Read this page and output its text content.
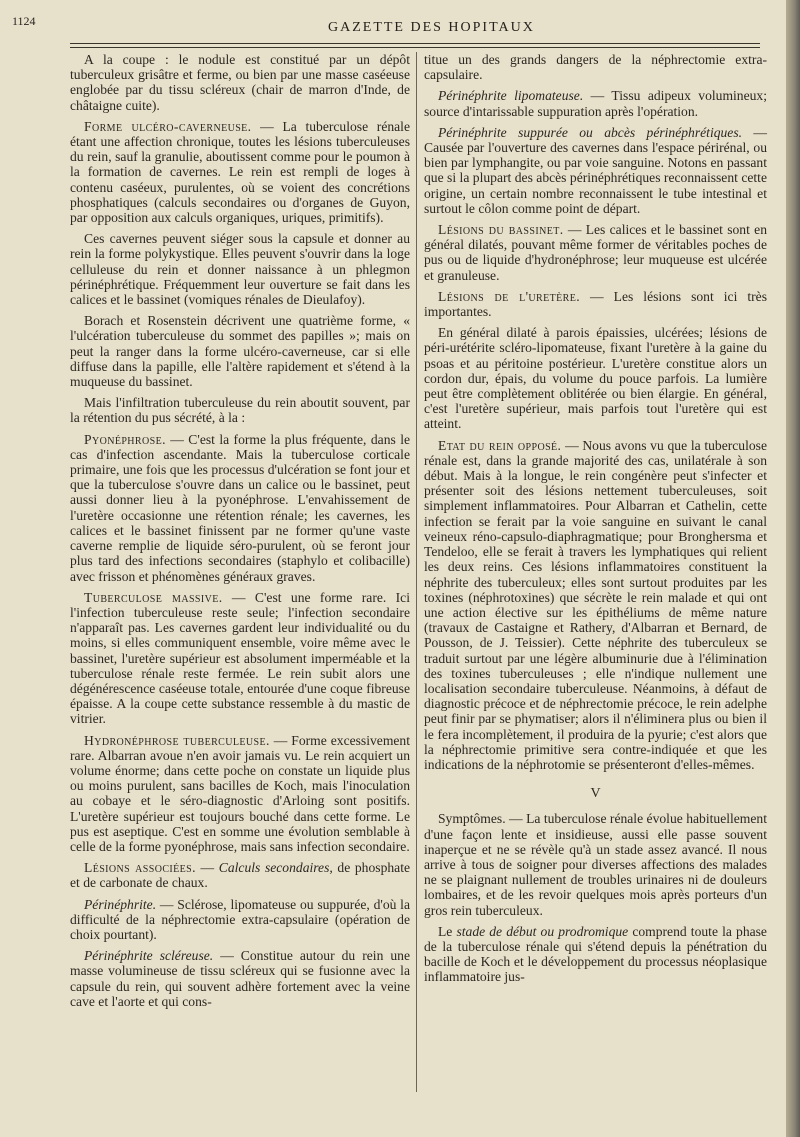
1124	GAZETTE DES HOPITAUX

A la coupe : le nodule est constitué par un dépôt tuberculeux grisâtre et ferme, ou bien par une masse caséeuse englobée par du tissu scléreux (chair de marron d'Inde, de châtaigne cuite).

Forme ulcéro-caverneuse. — La tuberculose rénale étant une affection chronique, toutes les lésions tuberculeuses du rein, sauf la granulie, aboutissent comme pour le poumon à la formation de cavernes. Le rein est rempli de loges à contenu caséeux, purulentes, où se voient des concrétions phosphatiques (calculs secondaires ou d'organes de Guyon, par opposition aux calculs organiques, uriques, primitifs).

Ces cavernes peuvent siéger sous la capsule et donner au rein la forme polykystique. Elles peuvent s'ouvrir dans la loge celluleuse du rein et donner naissance à un phlegmon périnéphrétique. Fréquemment leur ouverture se fait dans les calices et le bassinet (vomiques rénales de Dieulafoy).

Borach et Rosenstein décrivent une quatrième forme, « l'ulcération tuberculeuse du sommet des papilles »; mais on peut la ranger dans la forme ulcéro-caverneuse, car si elle diffuse dans la papille, elle l'altère rapidement et s'étend à la muqueuse du bassinet.

Mais l'infiltration tuberculeuse du rein aboutit souvent, par la rétention du pus sécrété, à la :

Pyonéphrose. — C'est la forme la plus fréquente, dans le cas d'infection ascendante. Mais la tuberculose corticale primaire, une fois que les processus d'ulcération se font jour et que la tuberculose s'ouvre dans un calice ou le bassinet, peut aussi donner lieu à la pyonéphrose. L'envahissement de l'uretère occasionne une rétention rénale; les cavernes, les calices et le bassinet finissent par ne former qu'une vaste caverne remplie de liquide séro-purulent, où se feront jour plus tard des infections secondaires (staphylo et colibacille) avec frisson et phénomènes généraux graves.

Tuberculose massive. — C'est une forme rare. Ici l'infection tuberculeuse reste seule; l'infection secondaire n'apparaît pas. Les cavernes gardent leur individualité ou du moins, si elles communiquent ensemble, voire même avec le bassinet, l'uretère supérieur est absolument imperméable et la tuberculose rénale reste fermée. Le rein subit alors une dégénérescence caséeuse totale, entourée d'une coque fibreuse épaisse. A la coupe cette substance ressemble à du mastic de vitrier.

Hydronéphrose tuberculeuse. — Forme excessivement rare. Albarran avoue n'en avoir jamais vu. Le rein acquiert un volume énorme; dans cette poche on constate un liquide plus ou moins purulent, sans bacilles de Koch, mais l'inoculation au cobaye et le séro-diagnostic d'Arloing sont positifs. L'uretère supérieur est toujours bouché dans cette forme. Le pus est aseptique. C'est en somme une évolution semblable à celle de la forme pyonéphrose, mais sans infection secondaire.

Lésions associées. — Calculs secondaires, de phosphate et de carbonate de chaux.

Périnéphrite. — Sclérose, lipomateuse ou suppurée, d'où la difficulté de la néphrectomie extra-capsulaire (opération de choix pourtant).

Périnéphrite scléreuse. — Constitue autour du rein une masse volumineuse de tissu scléreux qui se fusionne avec la capsule du rein, qui souvent adhère fortement avec la veine cave et l'aorte et qui cons-

titue un des grands dangers de la néphrectomie extra-capsulaire.

Périnéphrite lipomateuse. — Tissu adipeux volumineux; source d'intarissable suppuration après l'opération.

Périnéphrite suppurée ou abcès périnéphrétiques. — Causée par l'ouverture des cavernes dans l'espace périrénal, ou bien par lymphangite, ou par voie sanguine. Notons en passant que si la plupart des abcès périnéphrétiques reconnaissent cette origine, un certain nombre reconnaissent le tube intestinal et surtout le côlon comme point de départ.

Lésions du bassinet. — Les calices et le bassinet sont en général dilatés, pouvant même former de véritables poches de pus ou de liquide d'hydronéphrose; leur muqueuse est ulcérée et granuleuse.

Lésions de l'uretère. — Les lésions sont ici très importantes.

En général dilaté à parois épaissies, ulcérées; lésions de péri-urétérite scléro-lipomateuse, fixant l'uretère à la gaine du psoas et au péritoine postérieur. L'uretère constitue alors un cordon dur, épais, du volume du pouce parfois. La lumière peut être complètement oblitérée ou bien élargie. En général, c'est l'uretère supérieur, mais parfois tout l'uretère qui est atteint.

Etat du rein opposé. — Nous avons vu que la tuberculose rénale est, dans la grande majorité des cas, unilatérale à son début. Mais à la longue, le rein congénère peut s'infecter et présenter soit des lésions nettement tuberculeuses, soit simplement inflammatoires. Pour Albarran et Cathelin, cette infection se ferait par la voie sanguine en suivant le canal veineux réno-capsulo-diaphragmatique; pour Bronghersma et Tendeloo, elle se ferait à travers les lymphatiques qui relient les deux reins. Ces lésions inflammatoires constituent la néphrite des tuberculeux; elles sont surtout produites par les toxines (néphrotoxines) que sécrète le rein malade et qui ont une action élective sur les épithéliums de même nature (travaux de Castaigne et Rathery, d'Albarran et Bernard, de Pousson, de J. Teissier). Cette néphrite des tuberculeux se traduit surtout par une légère albuminurie due à l'élimination des toxines tuberculeuses ; elle n'indique nullement une localisation secondaire tuberculeuse. Néanmoins, à défaut de diagnostic précoce et de néphrectomie précoce, le rein adelphe peut finir par se phymatiser; alors il n'éliminera plus ou bien il le fera incomplètement, il produira de la pyurie; c'est alors que la néphrectomie primitive sera contre-indiquée et que les indications de la néphrotomie se présenteront d'elles-mêmes.

V

Symptômes. — La tuberculose rénale évolue habituellement d'une façon lente et insidieuse, aussi elle passe souvent inaperçue et ne se révèle qu'à un stade assez avancé. Il nous arrive à tous de soigner pour diverses affections des malades ne se plaignant nullement de troubles urinaires ni de douleurs lombaires, et de les revoir quelques mois après porteurs d'un gros rein tuberculeux.

Le stade de début ou prodromique comprend toute la phase de la tuberculose rénale qui s'étend depuis la pénétration du bacille de Koch et le développement du processus néoplasique inflammatoire jus-
